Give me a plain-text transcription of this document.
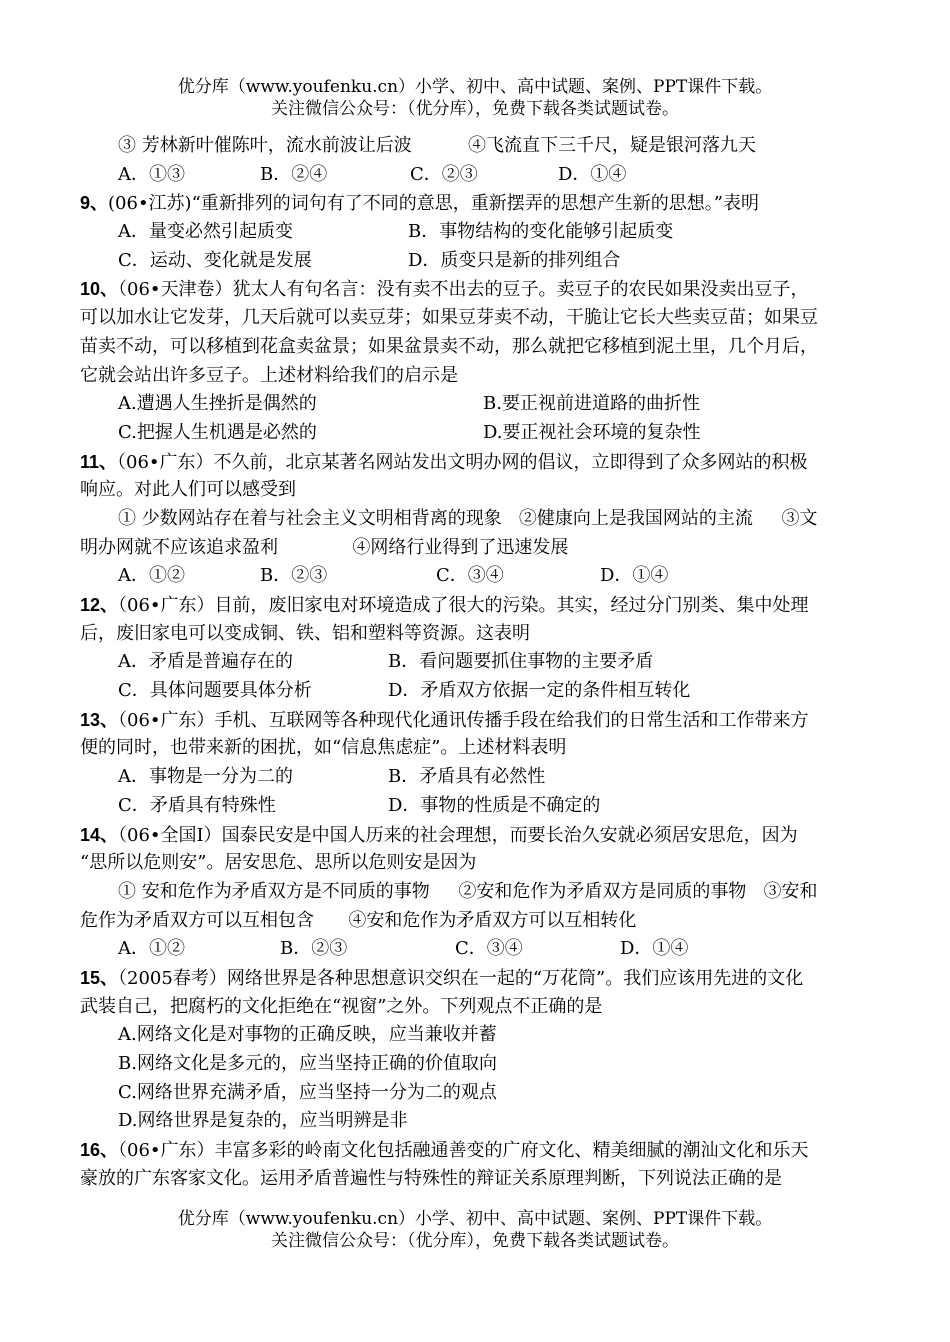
优分库（www.youfenku.cn）小学、初中、高中试题、案例、PPT课件下载。
关注微信公众号：（优分库），免费下载各类试题试卷。
③ 芳林新叶催陈叶，流水前波让后波	④飞流直下三千尺，疑是银河落九天
A．①③	B．②④	C．②③	D．①④
9、(06•江苏)“重新排列的词句有了不同的意思，重新摆弄的思想产生新的思想。”表明
A．量变必然引起质变	B．事物结构的变化能够引起质变
C．运动、变化就是发展	D．质变只是新的排列组合
10、（06•天津卷）犹太人有句名言：没有卖不出去的豆子。卖豆子的农民如果没卖出豆子，
可以加水让它发芽，几天后就可以卖豆芽；如果豆芽卖不动，干脆让它长大些卖豆苗；如果豆
苗卖不动，可以移植到花盒卖盆景；如果盆景卖不动，那么就把它移植到泥土里，几个月后，
它就会站出许多豆子。上述材料给我们的启示是
A.遭遇人生挫折是偶然的	B.要正视前进道路的曲折性
C.把握人生机遇是必然的	D.要正视社会环境的复杂性
11、（06•广东）不久前，北京某著名网站发出文明办网的倡议，立即得到了众多网站的积极
响应。对此人们可以感受到
① 少数网站存在着与社会主义文明相背离的现象   ②健康向上是我国网站的主流     ③文
明办网就不应该追求盈利             ④网络行业得到了迅速发展
A．①②	B．②③	C．③④	D．①④
12、（06•广东）目前，废旧家电对环境造成了很大的污染。其实，经过分门别类、集中处理
后，废旧家电可以变成铜、铁、铝和塑料等资源。这表明
A．矛盾是普遍存在的	B．看问题要抓住事物的主要矛盾
C．具体问题要具体分析	D．矛盾双方依据一定的条件相互转化
13、（06•广东）手机、互联网等各种现代化通讯传播手段在给我们的日常生活和工作带来方
便的同时，也带来新的困扰，如“信息焦虑症”。上述材料表明
A．事物是一分为二的	B．矛盾具有必然性
C．矛盾具有特殊性	D．事物的性质是不确定的
14、（06•全国Ⅰ）国泰民安是中国人历来的社会理想，而要长治久安就必须居安思危，因为
“思所以危则安”。居安思危、思所以危则安是因为
① 安和危作为矛盾双方是不同质的事物     ②安和危作为矛盾双方是同质的事物   ③安和
危作为矛盾双方可以互相包含      ④安和危作为矛盾双方可以互相转化
A．①②	B．②③	C．③④	D．①④
15、（2005春考）网络世界是各种思想意识交织在一起的“万花筒”。我们应该用先进的文化
武装自己，把腐朽的文化拒绝在“视窗”之外。下列观点不正确的是
A.网络文化是对事物的正确反映，应当兼收并蓄
B.网络文化是多元的，应当坚持正确的价值取向
C.网络世界充满矛盾，应当坚持一分为二的观点
D.网络世界是复杂的，应当明辨是非
16、（06•广东）丰富多彩的岭南文化包括融通善变的广府文化、精美细腻的潮汕文化和乐天
豪放的广东客家文化。运用矛盾普遍性与特殊性的辩证关系原理判断，下列说法正确的是
优分库（www.youfenku.cn）小学、初中、高中试题、案例、PPT课件下载。
关注微信公众号：（优分库），免费下载各类试题试卷。
